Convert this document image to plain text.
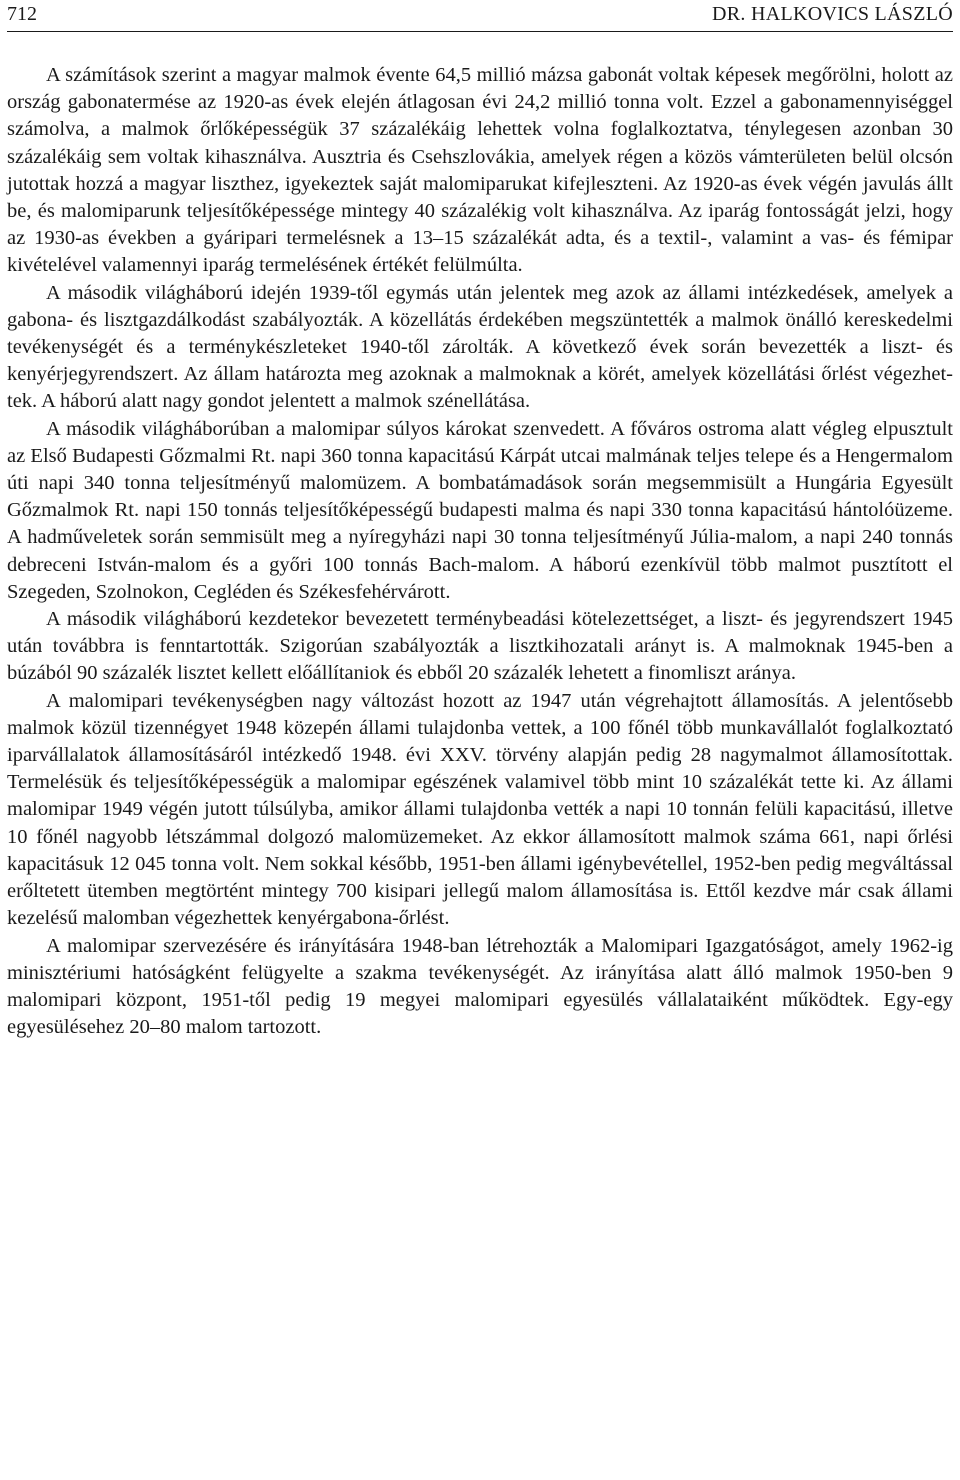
712	DR. HALKOVICS LÁSZLÓ

A számítások szerint a magyar malmok évente 64,5 millió mázsa gabonát voltak képesek megőrölni, holott az ország gabonatermése az 1920-as évek elején átlagosan évi 24,2 millió tonna volt. Ezzel a gabonamennyiséggel számolva, a malmok őrlőképességük 37 százalékáig lehettek volna foglalkoztatva, ténylegesen azonban 30 százalékáig sem voltak kihasználva. Ausztria és Csehszlovákia, amelyek régen a közös vámterületen belül olcsón jutottak hozzá a magyar liszthez, igyekeztek saját malomiparukat kifejleszteni. Az 1920-as évek végén javulás állt be, és malomiparunk teljesítőképessége mintegy 40 százalékig volt kihasználva. Az iparág fontosságát jelzi, hogy az 1930-as években a gyáripari termelésnek a 13–15 százalékát adta, és a textil-, valamint a vas- és fémipar kivételével valamennyi iparág termelésének értékét felülmúlta.

A második világháború idején 1939-től egymás után jelentek meg azok az állami intézkedések, amelyek a gabona- és lisztgazdálkodást szabályozták. A közellátás érdekében megszüntették a malmok önálló kereskedelmi tevékenységét és a terménykészleteket 1940-től zárolták. A következő évek során bevezették a liszt- és kenyérjegyrendszert. Az állam határozta meg azoknak a malmoknak a körét, amelyek közellátási őrlést végezhettek. A háború alatt nagy gondot jelentett a malmok szénellátása.

A második világháborúban a malomipar súlyos károkat szenvedett. A főváros ostroma alatt végleg elpusztult az Első Budapesti Gőzmalmi Rt. napi 360 tonna kapacitású Kárpát utcai malmának teljes telepe és a Hengermalom úti napi 340 tonna teljesítményű malomüzem. A bombatámadások során megsemmisült a Hungária Egyesült Gőzmalmok Rt. napi 150 tonnás teljesítőképességű budapesti malma és napi 330 tonna kapacitású hántolóüzeme. A hadműveletek során semmisült meg a nyíregyházi napi 30 tonna teljesítményű Júlia-malom, a napi 240 tonnás debreceni István-malom és a győri 100 tonnás Bach-malom. A háború ezenkívül több malmot pusztított el Szegeden, Szolnokon, Cegléden és Székesfehérvárott.

A második világháború kezdetekor bevezetett terménybeadási kötelezettséget, a liszt- és jegyrendszert 1945 után továbbra is fenntartották. Szigorúan szabályozták a lisztkihozatali arányt is. A malmoknak 1945-ben a búzából 90 százalék lisztet kellett előállítaniok és ebből 20 százalék lehetett a finomliszt aránya.

A malomipari tevékenységben nagy változást hozott az 1947 után végrehajtott államosítás. A jelentősebb malmok közül tizennégyet 1948 közepén állami tulajdonba vettek, a 100 főnél több munkavállalót foglalkoztató iparvállalatok államosításáról intézkedő 1948. évi XXV. törvény alapján pedig 28 nagymalmot államosítottak. Termelésük és teljesítőképességük a malomipar egészének valamivel több mint 10 százalékát tette ki. Az állami malomipar 1949 végén jutott túlsúlyba, amikor állami tulajdonba vették a napi 10 tonnán felüli kapacitású, illetve 10 főnél nagyobb létszámmal dolgozó malomüzemeket. Az ekkor államosított malmok száma 661, napi őrlési kapacitásuk 12 045 tonna volt. Nem sokkal később, 1951-ben állami igénybevétellel, 1952-ben pedig megváltással erőltetett ütemben megtörtént mintegy 700 kisipari jellegű malom államosítása is. Ettől kezdve már csak állami kezelésű malomban végezhettek kenyérgabona-őrlést.

A malomipar szervezésére és irányítására 1948-ban létrehozták a Malomipari Igazgatóságot, amely 1962-ig minisztériumi hatóságként felügyelte a szakma tevékenységét. Az irányítása alatt álló malmok 1950-ben 9 malomipari központ, 1951-től pedig 19 megyei malomipari egyesülés vállalataiként működtek. Egy-egy egyesülésehez 20–80 malom tartozott.
